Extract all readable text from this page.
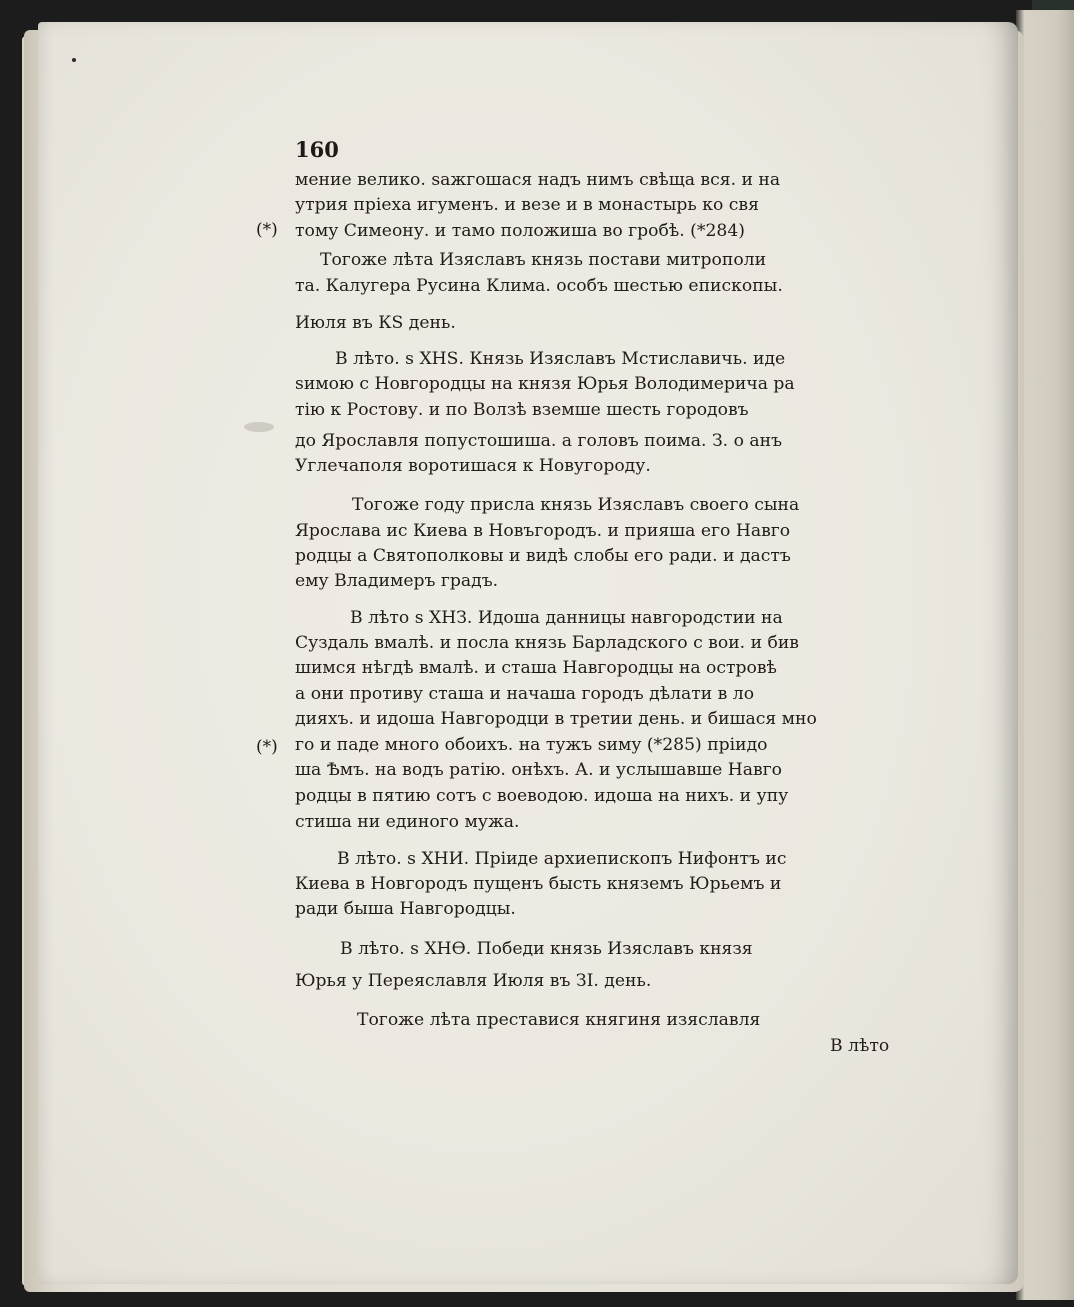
160
(*)
(*)
мение велико. sажгошася надъ нимъ свѣща вся. и на
утрия прiеха игуменъ. и везе и в монастырь ко свя
тому Симеону. и тамо положиша во гробѣ. (*284)
Тогоже лѣта Изяславъ князь постави митрополи
та. Калугера Русина Клима. особъ шестью епископы.
Июля въ КS день.
В лѣто. ѕ ХНЅ. Князь Изяславъ Мстиславичь. иде
sимою с Новгородцы на князя Юрья Володимерича ра
тiю к Ростову. и по Волзѣ вземше шесть городовъ
до Ярославля попустошиша. а головъ поима. З. о анъ
Углечаполя воротишася к Новугороду.
Тогоже году присла князь Изяславъ своего сына
Ярослава ис Киева в Новъгородъ. и прияша его Навго
родцы а Святополковы и видѣ слобы его ради. и дастъ
ему Владимеръ градъ.
В лѣто ѕ ХНЗ. Идоша данницы навгородстии на
Суздаль вмалѣ. и посла князь Барладского с вои. и бив
шимся нѣгдѣ вмалѣ. и сташа Навгородцы на островѣ
а они противу сташа и начаша городъ дѣлати в ло
дияхъ. и идоша Навгородци в третии день. и бишася мно
го и паде много обоихъ. на тужъ sиму (*285) прiидо
ша Ѣмъ. на водъ ратiю. онѣхъ. А. и услышавше Навго
родцы в пятию сотъ с воеводою. идоша на нихъ. и упу
стиша ни единого мужа.
В лѣто. ѕ ХНИ. Прiиде архиепископъ Нифонтъ ис
Киева в Новгородъ пущенъ бысть княземъ Юрьемъ и
ради быша Навгородцы.
В лѣто. ѕ ХНѲ. Победи князь Изяславъ князя
Юрья у Переяславля Июля въ ЗI. день.
Тогоже лѣта преставися княгиня изяславля
В лѣто
